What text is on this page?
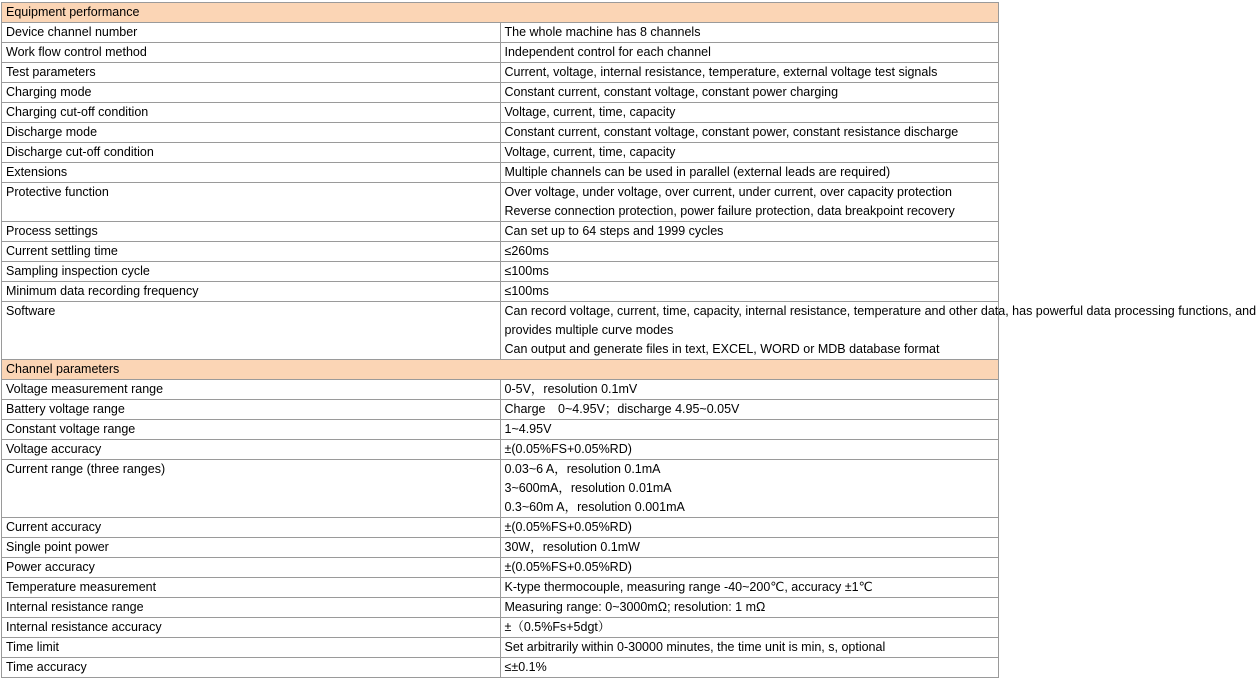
Equipment performance	
Device channel number	The whole machine has 8 channels

Work flow control method	Independent control for each channel

Test parameters	Current, voltage, internal resistance, temperature, external voltage test signals

Charging mode	Constant current, constant voltage, constant power charging

Charging cut-off condition	Voltage, current, time, capacity

Discharge mode	Constant current, constant voltage, constant power, constant resistance discharge

Discharge cut-off condition	Voltage, current, time, capacity

Extensions	Multiple channels can be used in parallel (external leads are required)

Protective function	Over voltage, under voltage, over current, under current, over capacity protection
Reverse connection protection, power failure protection, data breakpoint recovery

Process settings	Can set up to 64 steps and 1999 cycles

Current settling time	≤260ms

Sampling inspection cycle	≤100ms

Minimum data recording frequency	≤100ms

Software	Can record voltage, current, time, capacity, internal resistance, temperature and other data, has powerful data processing functions, and
provides multiple curve modes
Can output and generate files in text, EXCEL, WORD or MDB database format

Channel parameters	
Voltage measurement range	0-5V，resolution 0.1mV

Battery voltage range	Charge　0~4.95V；discharge 4.95~0.05V

Constant voltage range	1~4.95V

Voltage accuracy	±(0.05%FS+0.05%RD)

Current range (three ranges)	0.03~6 A，resolution 0.1mA
3~600mA，resolution 0.01mA
0.3~60m A，resolution 0.001mA

Current accuracy	±(0.05%FS+0.05%RD)

Single point power	30W，resolution 0.1mW

Power accuracy	±(0.05%FS+0.05%RD)

Temperature measurement	K-type thermocouple, measuring range -40~200℃, accuracy ±1℃

Internal resistance range	Measuring range: 0~3000mΩ; resolution: 1 mΩ

Internal resistance accuracy	±（0.5%Fs+5dgt）

Time limit	Set arbitrarily within 0-30000 minutes, the time unit is min, s, optional

Time accuracy	≤±0.1%
